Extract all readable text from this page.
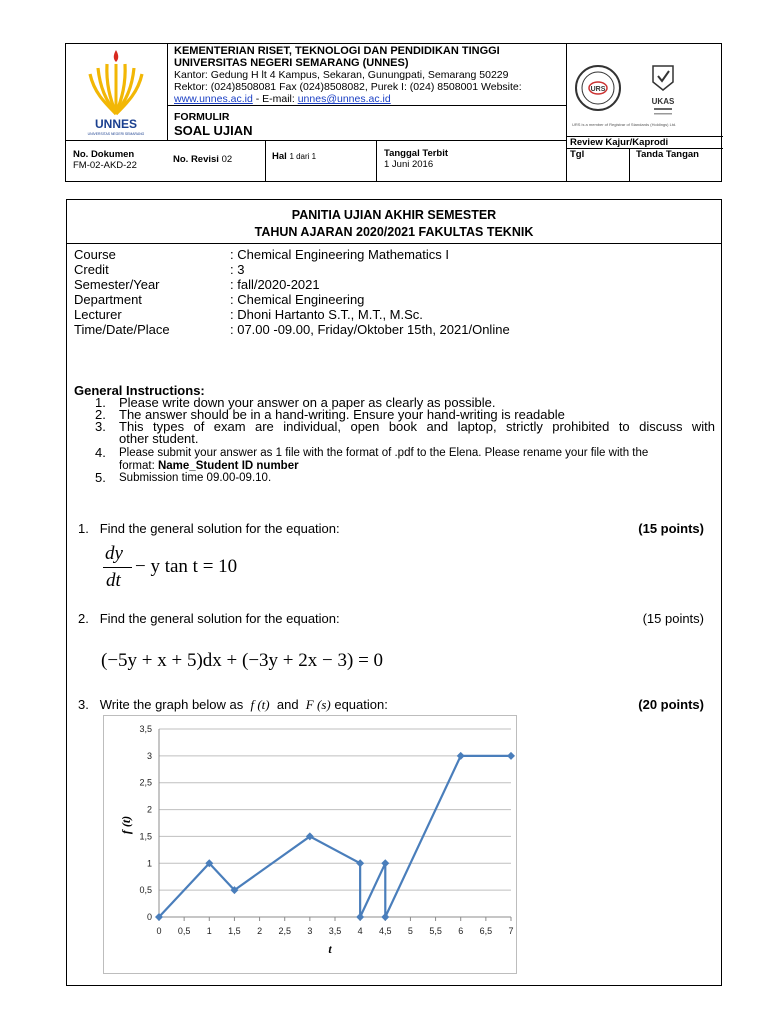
UNNES
UNIVERSITAS NEGERI SEMARANG
KEMENTERIAN RISET, TEKNOLOGI DAN PENDIDIKAN TINGGI
UNIVERSITAS NEGERI SEMARANG (UNNES)
Kantor: Gedung H lt 4 Kampus, Sekaran, Gunungpati, Semarang 50229
Rektor: (024)8508081 Fax (024)8508082, Purek I: (024) 8508001 Website:
www.unnes.ac.id - E-mail: unnes@unnes.ac.id
FORMULIR
SOAL UJIAN
URS
UKAS
URS is a member of Registrar of Standards (Holdings) Ltd.
No. Dokumen
FM-02-AKD-22
No. Revisi 02	Hal 1 dari 1	Tanggal Terbit
1 Juni 2016
Review Kajur/Kaprodi
Tgl	Tanda Tangan
PANITIA UJIAN AKHIR SEMESTER
TAHUN AJARAN 2020/2021 FAKULTAS TEKNIK
Course	: Chemical Engineering Mathematics I
Credit	: 3
Semester/Year	: fall/2020-2021
Department	: Chemical Engineering
Lecturer	: Dhoni Hartanto S.T., M.T., M.Sc.
Time/Date/Place	: 07.00 -09.00, Friday/Oktober 15th, 2021/Online
General Instructions:
1. Please write down your answer on a paper as clearly as possible.
2. The answer should be in a hand-writing. Ensure your hand-writing is readable
3. This types of exam are individual, open book and laptop, strictly prohibited to discuss with
other student.
4. Please submit your answer as 1 file with the format of .pdf to the Elena. Please rename your file with the
format: Name_Student ID number
5. Submission time 09.00-09.10.
1. Find the general solution for the equation:	(15 points)
dy
dt
− y tan t = 10
2. Find the general solution for the equation:	(15 points)
(−5y + x + 5)dx + (−3y + 2x − 3) = 0
3. Write the graph below as f (t) and F (s) equation:	(20 points)
0
0,5
1
1,5
2
2,5
3
3,5
0 0,5 1 1,5 2 2,5 3 3,5 4 4,5 5 5,5 6 6,5 7
t
f (t)
